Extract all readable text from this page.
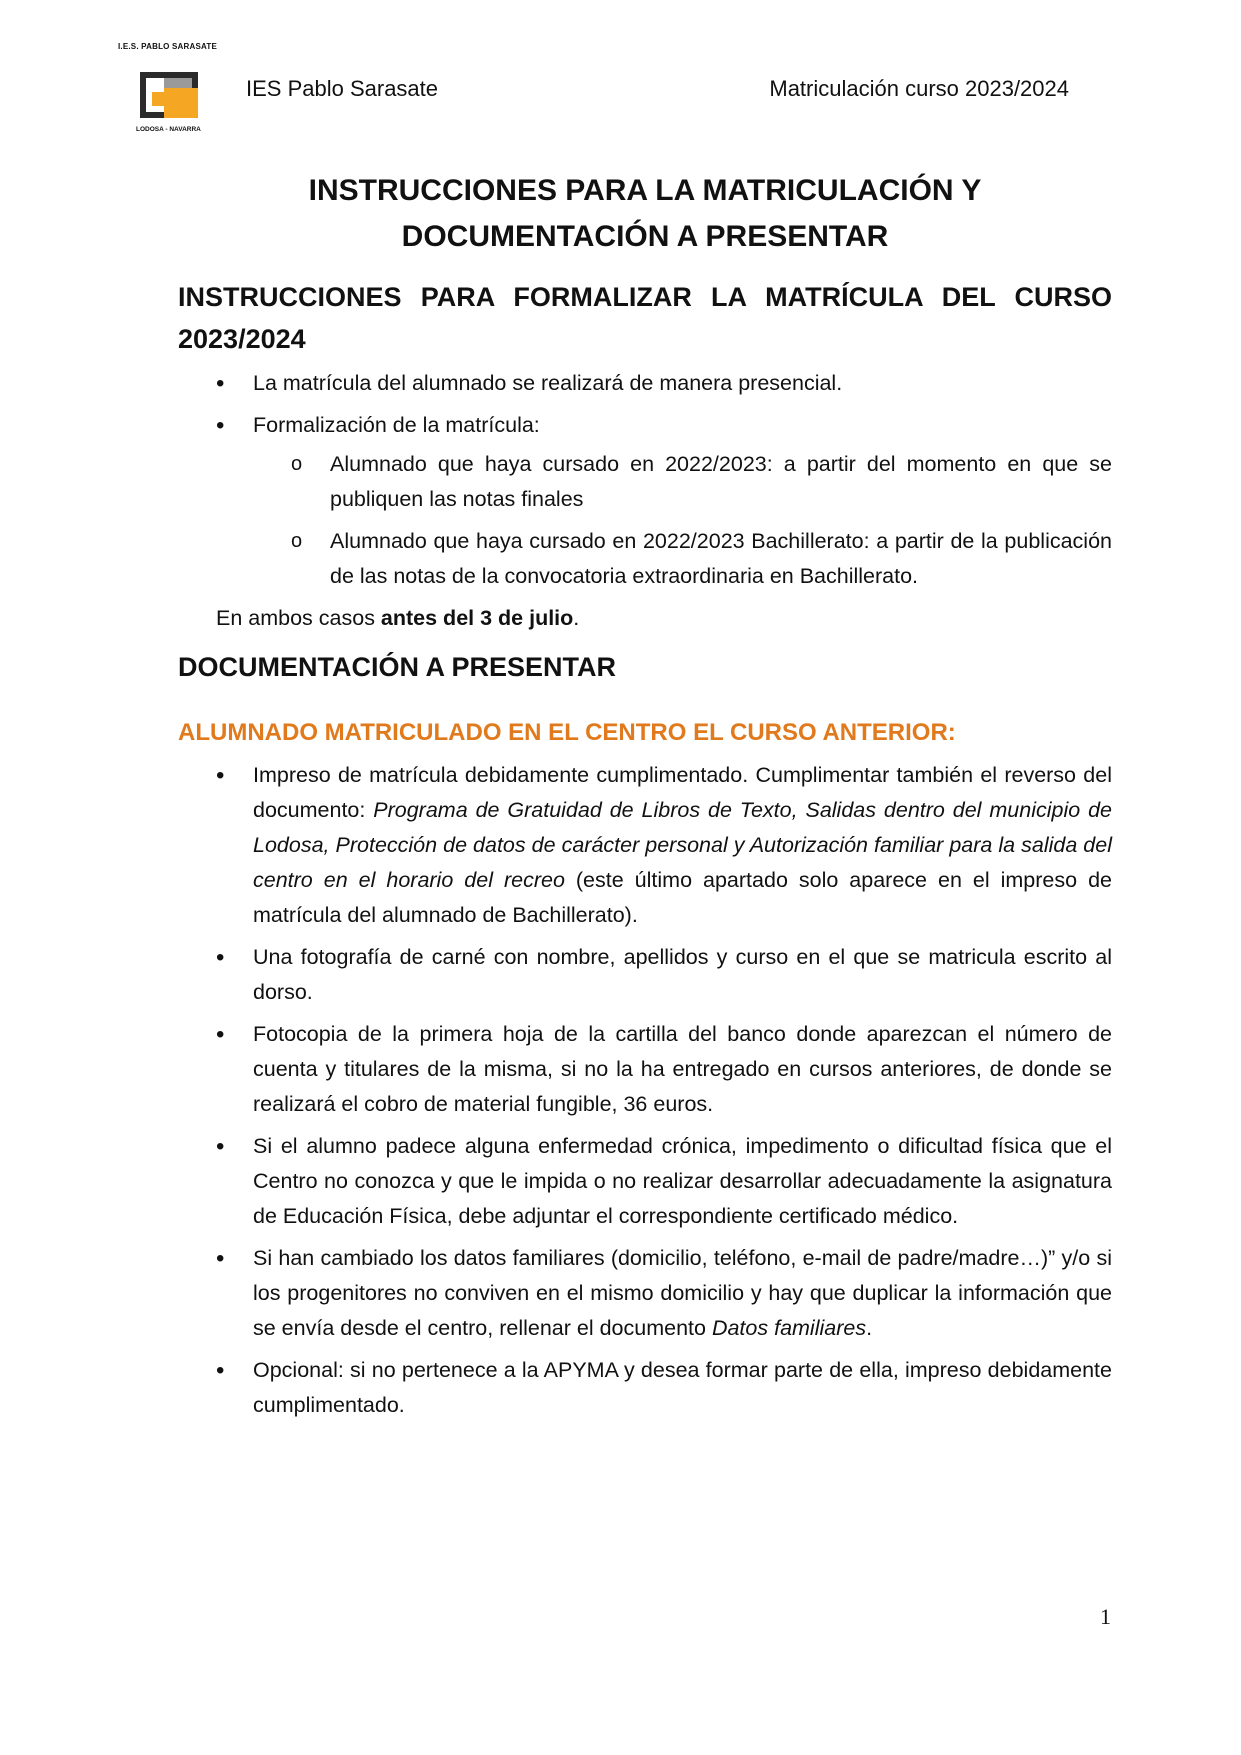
I.E.S. PABLO SARASATE
LODOSA - NAVARRA
IES Pablo Sarasate	Matriculación curso 2023/2024
INSTRUCCIONES PARA LA MATRICULACIÓN Y
DOCUMENTACIÓN A PRESENTAR
INSTRUCCIONES PARA FORMALIZAR LA MATRÍCULA DEL CURSO 2023/2024
• La matrícula del alumnado se realizará de manera presencial.
• Formalización de la matrícula:
o Alumnado que haya cursado en 2022/2023: a partir del momento en que se publiquen las notas finales
o Alumnado que haya cursado en 2022/2023 Bachillerato: a partir de la publicación de las notas de la convocatoria extraordinaria en Bachillerato.

En ambos casos antes del 3 de julio.

DOCUMENTACIÓN A PRESENTAR
ALUMNADO MATRICULADO EN EL CENTRO EL CURSO ANTERIOR:
• Impreso de matrícula debidamente cumplimentado. Cumplimentar también el reverso del documento: Programa de Gratuidad de Libros de Texto, Salidas dentro del municipio de Lodosa, Protección de datos de carácter personal y Autorización familiar para la salida del centro en el horario del recreo (este último apartado solo aparece en el impreso de matrícula del alumnado de Bachillerato).
• Una fotografía de carné con nombre, apellidos y curso en el que se matricula escrito al dorso.
• Fotocopia de la primera hoja de la cartilla del banco donde aparezcan el número de cuenta y titulares de la misma, si no la ha entregado en cursos anteriores, de donde se realizará el cobro de material fungible, 36 euros.
• Si el alumno padece alguna enfermedad crónica, impedimento o dificultad física que el Centro no conozca y que le impida o no realizar desarrollar adecuadamente la asignatura de Educación Física, debe adjuntar el correspondiente certificado médico.
• Si han cambiado los datos familiares (domicilio, teléfono, e-mail de padre/madre…)” y/o si los progenitores no conviven en el mismo domicilio y hay que duplicar la información que se envía desde el centro, rellenar el documento Datos familiares.
• Opcional: si no pertenece a la APYMA y desea formar parte de ella, impreso debidamente cumplimentado.
1
